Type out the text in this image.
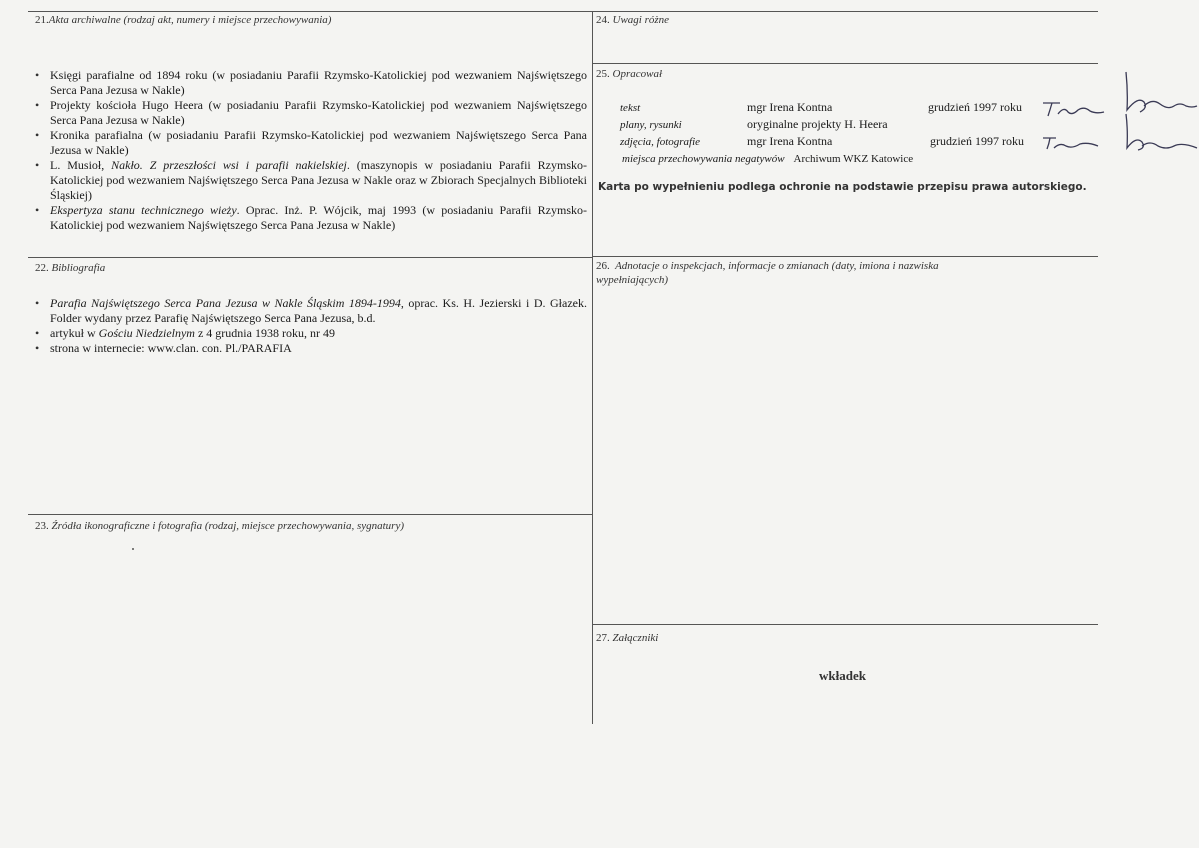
21.Akta archiwalne (rodzaj akt, numery i miejsce przechowywania)
• Księgi parafialne od 1894 roku (w posiadaniu Parafii Rzymsko-Katolickiej pod wezwaniem Najświętszego Serca Pana Jezusa w Nakle)
• Projekty kościoła Hugo Heera (w posiadaniu Parafii Rzymsko-Katolickiej pod wezwaniem Najświętszego Serca Pana Jezusa w Nakle)
• Kronika parafialna (w posiadaniu Parafii Rzymsko-Katolickiej pod wezwaniem Najświętszego Serca Pana Jezusa w Nakle)
• L. Musioł, Nakło. Z przeszłości wsi i parafii nakielskiej. (maszynopis w posiadaniu Parafii Rzymsko-Katolickiej pod wezwaniem Najświętszego Serca Pana Jezusa w Nakle oraz w Zbiorach Specjalnych Biblioteki Śląskiej)
• Ekspertyza stanu technicznego wieży. Oprac. Inż. P. Wójcik, maj 1993 (w posiadaniu Parafii Rzymsko-Katolickiej pod wezwaniem Najświętszego Serca Pana Jezusa w Nakle)
22. Bibliografia
• Parafia Najświętszego Serca Pana Jezusa w Nakle Śląskim 1894-1994, oprac. Ks. H. Jezierski i D. Głazek. Folder wydany przez Parafię Najświętszego Serca Pana Jezusa, b.d.
• artykuł w Gościu Niedzielnym z 4 grudnia 1938 roku, nr 49
• strona w internecie: www.clan. con. Pl./PARAFIA
23. Źródła ikonograficzne i fotografia (rodzaj, miejsce przechowywania, sygnatury)
24. Uwagi różne
25. Opracował
tekst	mgr Irena Kontna	grudzień 1997 roku
plany, rysunki	oryginalne projekty H. Heera
zdjęcia, fotografie	mgr Irena Kontna	grudzień 1997 roku
miejsca przechowywania negatywów Archiwum WKZ Katowice
Karta po wypełnieniu podlega ochronie na podstawie przepisu prawa autorskiego.
26. Adnotacje o inspekcjach, informacje o zmianach (daty, imiona i nazwiska
wypełniających)
27. Załączniki
wkładek
